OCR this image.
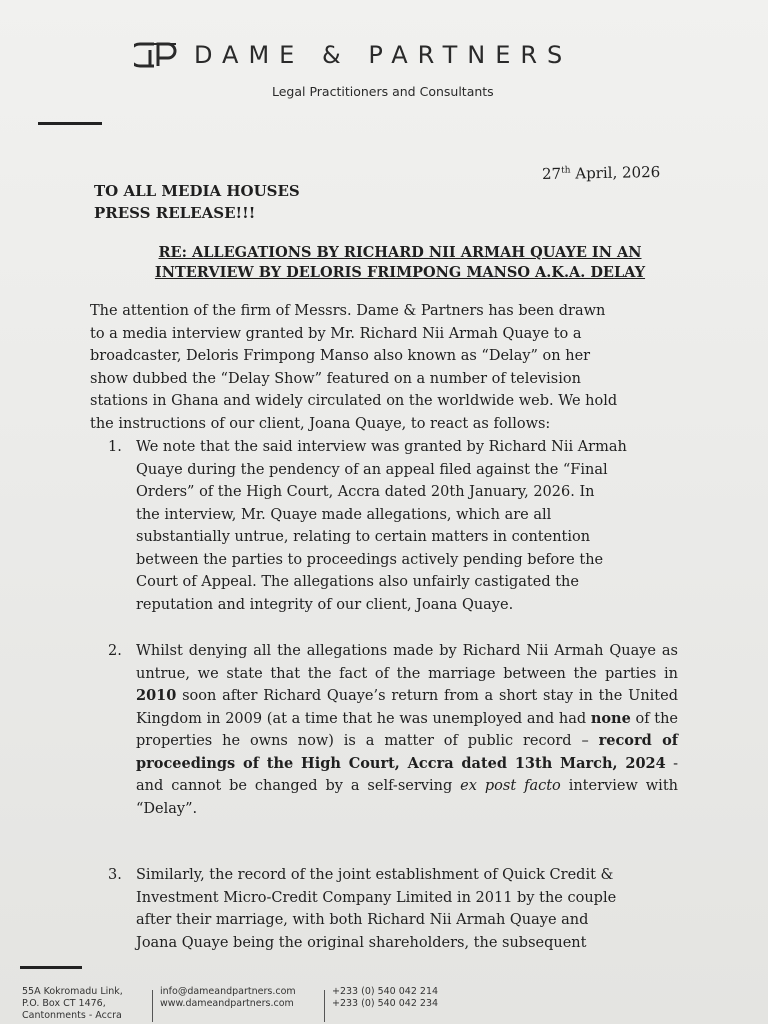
DAME & PARTNERS
Legal Practitioners and Consultants
27th April, 2026
TO ALL MEDIA HOUSES
PRESS RELEASE!!!
RE: ALLEGATIONS BY RICHARD NII ARMAH QUAYE IN AN
INTERVIEW BY DELORIS FRIMPONG MANSO A.K.A. DELAY
The attention of the firm of Messrs. Dame & Partners has been drawn
to a media interview granted by Mr. Richard Nii Armah Quaye to a
broadcaster, Deloris Frimpong Manso also known as “Delay” on her
show dubbed the “Delay Show” featured on a number of television
stations in Ghana and widely circulated on the worldwide web. We hold
the instructions of our client, Joana Quaye, to react as follows:
1. We note that the said interview was granted by Richard Nii Armah
Quaye during the pendency of an appeal filed against the “Final
Orders” of the High Court, Accra dated 20th January, 2026. In
the interview, Mr. Quaye made allegations, which are all
substantially untrue, relating to certain matters in contention
between the parties to proceedings actively pending before the
Court of Appeal. The allegations also unfairly castigated the
reputation and integrity of our client, Joana Quaye.
2. Whilst denying all the allegations made by Richard Nii Armah Quaye as untrue, we state that the fact of the marriage between the parties in 2010 soon after Richard Quaye’s return from a short stay in the United Kingdom in 2009 (at a time that he was unemployed and had none of the properties he owns now) is a matter of public record – record of proceedings of the High Court, Accra dated 13th March, 2024 - and cannot be changed by a self-serving ex post facto interview with “Delay”.
3. Similarly, the record of the joint establishment of Quick Credit &
Investment Micro-Credit Company Limited in 2011 by the couple
after their marriage, with both Richard Nii Armah Quaye and
Joana Quaye being the original shareholders, the subsequent
55A Kokromadu Link,
P.O. Box CT 1476,
Cantonments - Accra
info@dameandpartners.com
www.dameandpartners.com
+233 (0) 540 042 214
+233 (0) 540 042 234
